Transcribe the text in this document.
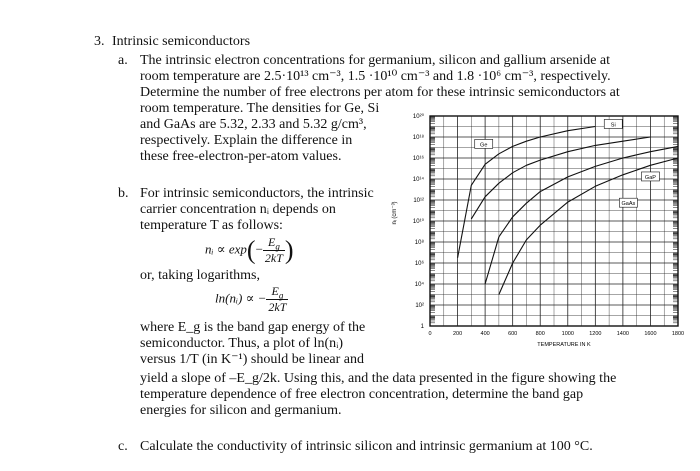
3. Intrinsic semiconductors
a. The intrinsic electron concentrations for germanium, silicon and gallium arsenide at
room temperature are 2.5·10¹³ cm⁻³, 1.5 ·10¹⁰ cm⁻³ and 1.8 ·10⁶ cm⁻³, respectively.
Determine the number of free electrons per atom for these intrinsic semiconductors at
room temperature. The densities for Ge, Si
and GaAs are 5.32, 2.33 and 5.32 g/cm³,
respectively. Explain the difference in
these free-electron-per-atom values.
b. For intrinsic semiconductors, the intrinsic
carrier concentration nᵢ depends on
temperature T as follows:
nᵢ ∝ $\exp(- \frac{E_g}{2kT}$ )
or, taking logarithms,
ln(nᵢ) ∝ − $\frac{E_g}{2kT}$
where E_g is the band gap energy of the
semiconductor. Thus, a plot of ln(nᵢ)
versus 1/T (in K⁻¹) should be linear and
yield a slope of –E_g/2k. Using this, and the data presented in the figure showing the
temperature dependence of free electron concentration, determine the band gap
energies for silicon and germanium.
c. Calculate the conductivity of intrinsic silicon and intrinsic germanium at 100 °C.
1
10²
10⁴
10⁶
10⁸
10¹⁰
10¹²
10¹⁴
10¹⁶
10¹⁸
10²⁰
0	200	400	600	800	1000	1200	1400	1600	1800
TEMPERATURE IN K
nᵢ (cm⁻³)
Ge
Si
GaP
GaAs
